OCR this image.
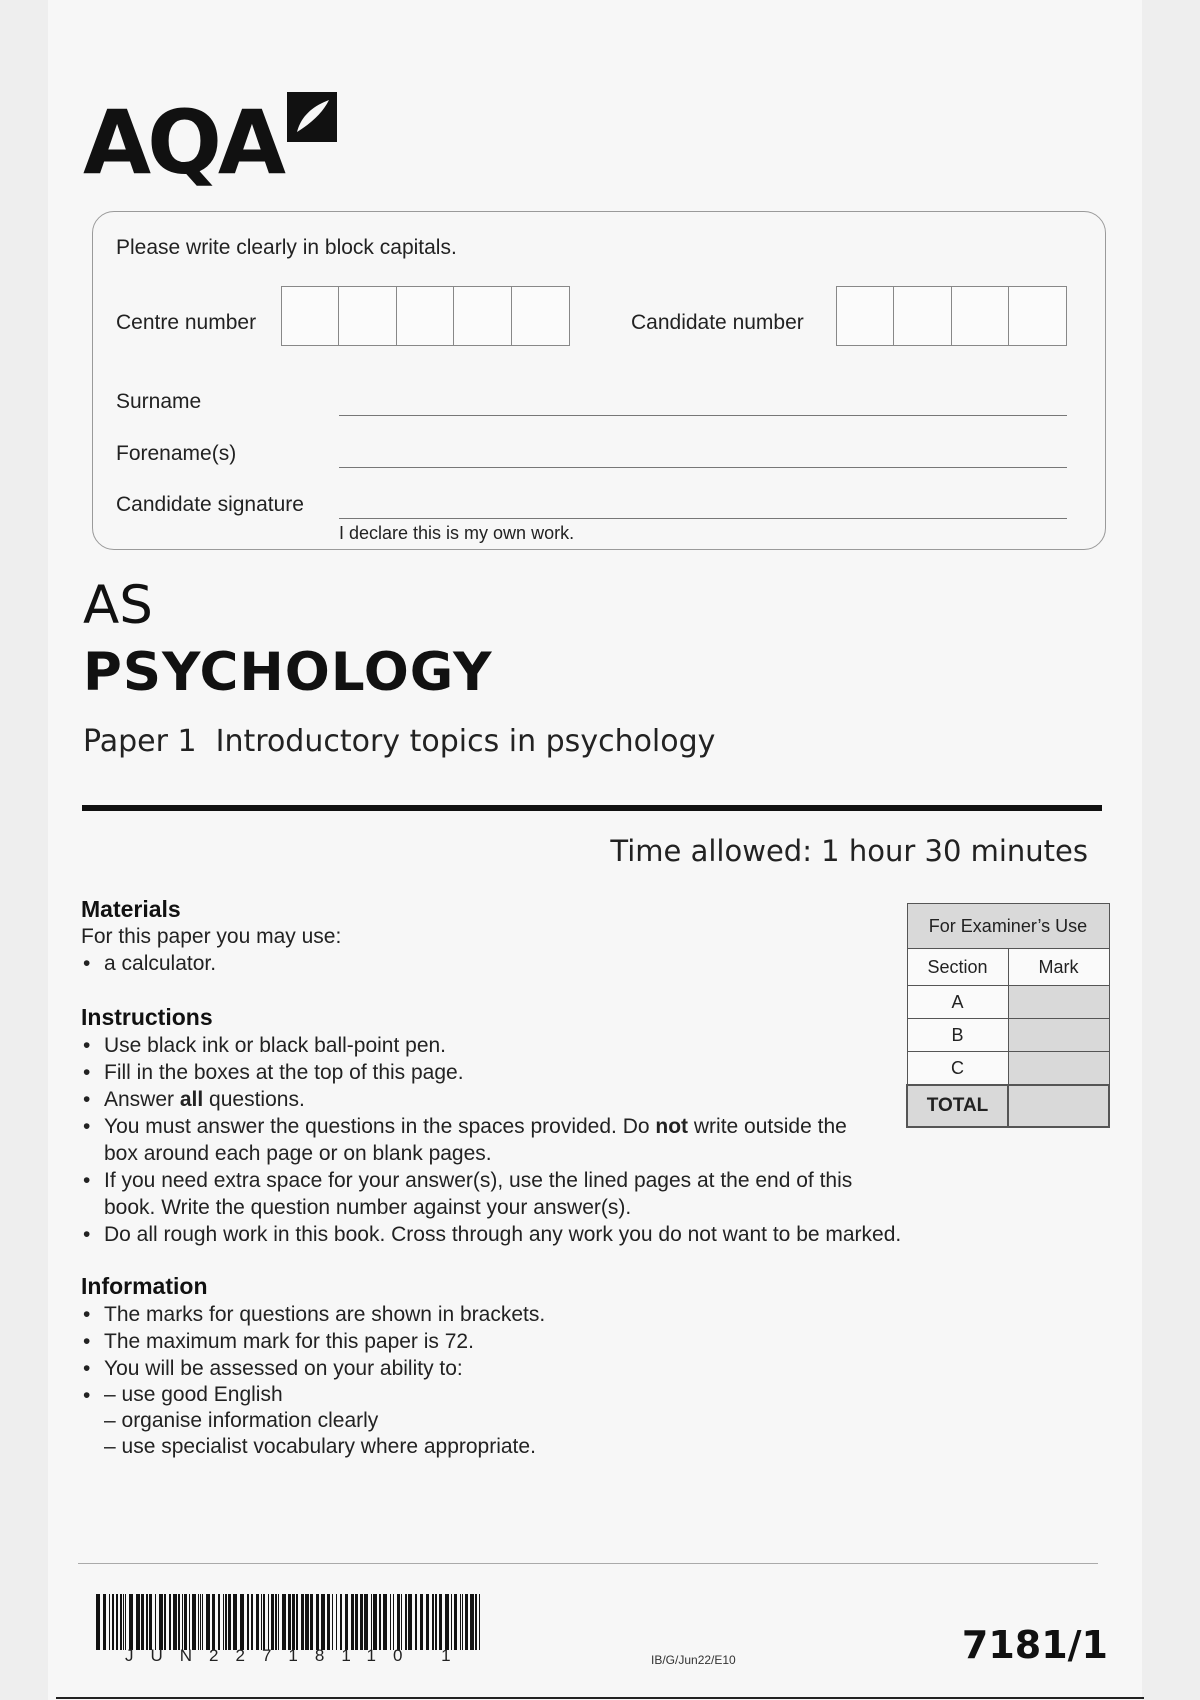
AQA
Please write clearly in block capitals.
Centre number	Candidate number
Surname
Forename(s)
Candidate signature
I declare this is my own work.
AS
PSYCHOLOGY
Paper 1  Introductory topics in psychology
Time allowed: 1 hour 30 minutes
Materials
For this paper you may use:
• a calculator.
Instructions
• Use black ink or black ball-point pen.
• Fill in the boxes at the top of this page.
• Answer all questions.
• You must answer the questions in the spaces provided. Do not write outside the box around each page or on blank pages.
• If you need extra space for your answer(s), use the lined pages at the end of this book. Write the question number against your answer(s).
• Do all rough work in this book. Cross through any work you do not want to be marked.
Information
• The marks for questions are shown in brackets.
• The maximum mark for this paper is 72.
• You will be assessed on your ability to:
• – use good English
– organise information clearly
– use specialist vocabulary where appropriate.
For Examiner’s Use	
Section	Mark
A	
B	
C	
TOTAL	
JUN22718110 1	IB/G/Jun22/E10	7181/1
